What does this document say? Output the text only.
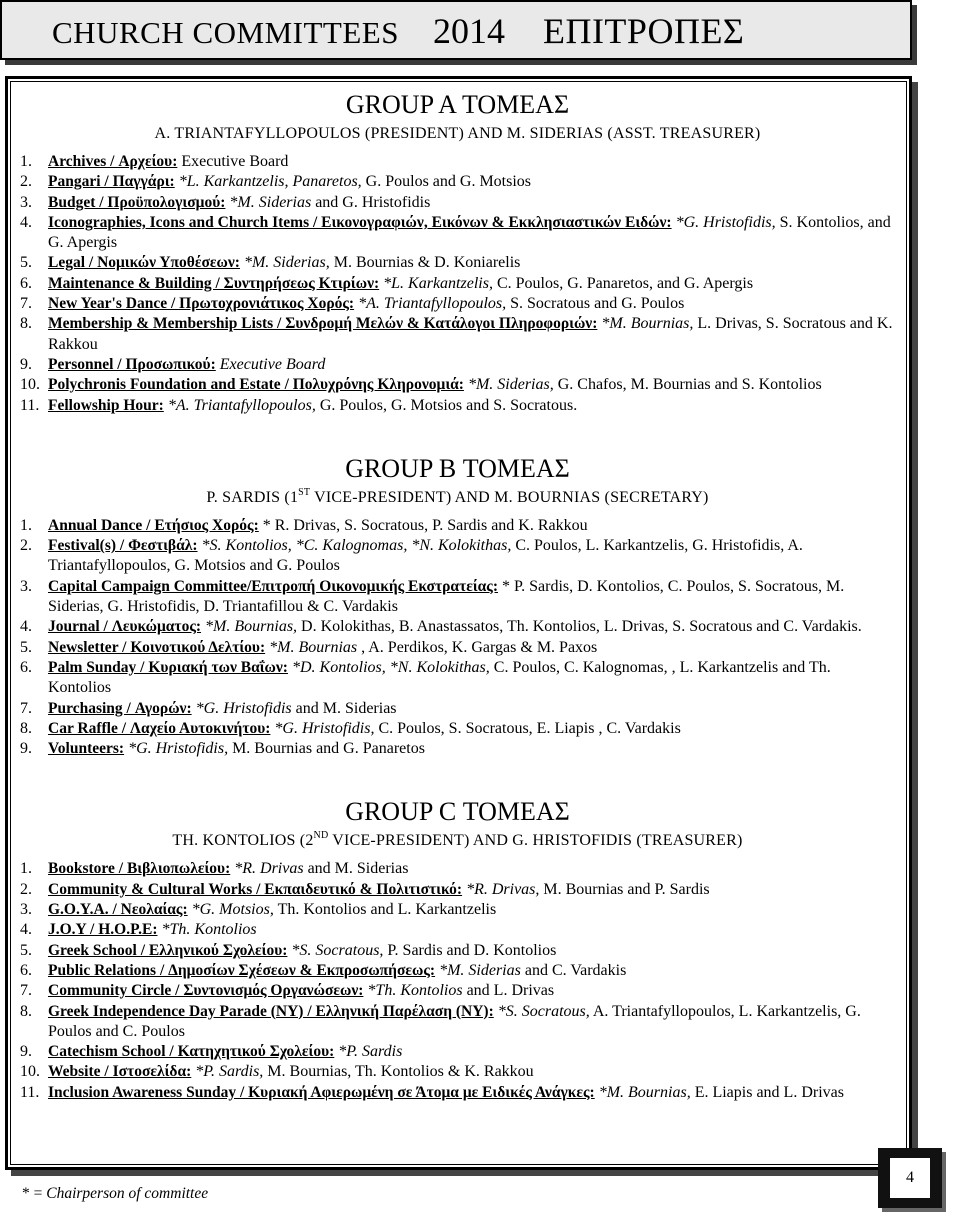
CHURCH COMMITTEES 2014 ΕΠΙΤΡΟΠΕΣ
GROUP A ΤΟΜΕΑΣ
A. TRIANTAFYLLOPOULOS (PRESIDENT) AND M. SIDERIAS (ASST. TREASURER)
1.	Archives / Αρχείου: Executive Board
2.	Pangari / Παγγάρι: *L. Karkantzelis, Panaretos, G. Poulos and G. Motsios
3.	Budget / Προϋπολογισμού: *M. Siderias and G. Hristofidis
4.	Iconographies, Icons and Church Items / Εικονογραφιών, Εικόνων & Εκκλησιαστικών Ειδών: *G. Hristofidis, S. Kontolios, and G. Apergis
5.	Legal / Νομικών Υποθέσεων: *M. Siderias, M. Bournias & D. Koniarelis
6.	Maintenance & Building / Συντηρήσεως Κτιρίων: *L. Karkantzelis, C. Poulos, G. Panaretos, and G. Apergis
7.	New Year's Dance / Πρωτοχρονιάτικος Χορός: *A. Triantafyllopoulos, S. Socratous and G. Poulos
8.	Membership & Membership Lists / Συνδρομή Μελών & Κατάλογοι Πληροφοριών: *M. Bournias, L. Drivas, S. Socratous and K. Rakkou
9.	Personnel / Προσωπικού: Executive Board
10. Polychronis Foundation and Estate / Πολυχρόνης Κληρονομιά: *M. Siderias, G. Chafos, M. Bournias and S. Kontolios
11. Fellowship Hour: *A. Triantafyllopoulos, G. Poulos, G. Motsios and S. Socratous.
GROUP B ΤΟΜΕΑΣ
P. SARDIS (1ST VICE-PRESIDENT) AND M. BOURNIAS (SECRETARY)
1.	Annual Dance / Ετήσιος Χορός: * R. Drivas, S. Socratous, P. Sardis and K. Rakkou
2.	Festival(s) / Φεστιβάλ: *S. Kontolios, *C. Kalognomas, *N. Kolokithas, C. Poulos, L. Karkantzelis, G. Hristofidis, A. Triantafyllopoulos, G. Motsios and G. Poulos
3.	Capital Campaign Committee/Επιτροπή Οικονομικής Εκστρατείας: * P. Sardis, D. Kontolios, C. Poulos, S. Socratous, M. Siderias, G. Hristofidis, D. Triantafillou & C. Vardakis
4.	Journal / Λευκώματος: *M. Bournias, D. Kolokithas, B. Anastassatos, Th. Kontolios, L. Drivas, S. Socratous and C. Vardakis.
5.	Newsletter / Κοινοτικού Δελτίου: *M. Bournias , A. Perdikos, K. Gargas & M. Paxos
6.	Palm Sunday / Κυριακή των Βαΐων: *D. Kontolios, *N. Kolokithas, C. Poulos, C. Kalognomas, , L. Karkantzelis and Th. Kontolios
7.	Purchasing / Αγορών: *G. Hristofidis and M. Siderias
8.	Car Raffle / Λαχείο Αυτοκινήτου: *G. Hristofidis, C. Poulos, S. Socratous, E. Liapis , C. Vardakis
9.	Volunteers: *G. Hristofidis, M. Bournias and G. Panaretos
GROUP C ΤΟΜΕΑΣ
TH. KONTOLIOS (2ND VICE-PRESIDENT) AND G. HRISTOFIDIS (TREASURER)
1.	Bookstore / Βιβλιοπωλείου: *R. Drivas and M. Siderias
2.	Community & Cultural Works / Εκπαιδευτικό & Πολιτιστικό: *R. Drivas, M. Bournias and P. Sardis
3.	G.O.Y.A. / Νεολαίας: *G. Motsios, Th. Kontolios and L. Karkantzelis
4.	J.O.Y / H.O.P.E: *Th. Kontolios
5.	Greek School / Ελληνικού Σχολείου: *S. Socratous, P. Sardis and D. Kontolios
6.	Public Relations / Δημοσίων Σχέσεων & Εκπροσωπήσεως: *M. Siderias and C. Vardakis
7.	Community Circle / Συντονισμός Οργανώσεων: *Th. Kontolios and L. Drivas
8.	Greek Independence Day Parade (NY) / Ελληνική Παρέλαση (NY): *S. Socratous, A. Triantafyllopoulos, L. Karkantzelis, G. Poulos and C. Poulos
9.	Catechism School / Κατηχητικού Σχολείου: *P. Sardis
10. Website / Ιστοσελίδα: *P. Sardis, M. Bournias, Th. Kontolios & K. Rakkou
11. Inclusion Awareness Sunday / Κυριακή Αφιερωμένη σε Άτομα με Ειδικές Ανάγκες: *M. Bournias, E. Liapis and L. Drivas
* = Chairperson of committee
4
